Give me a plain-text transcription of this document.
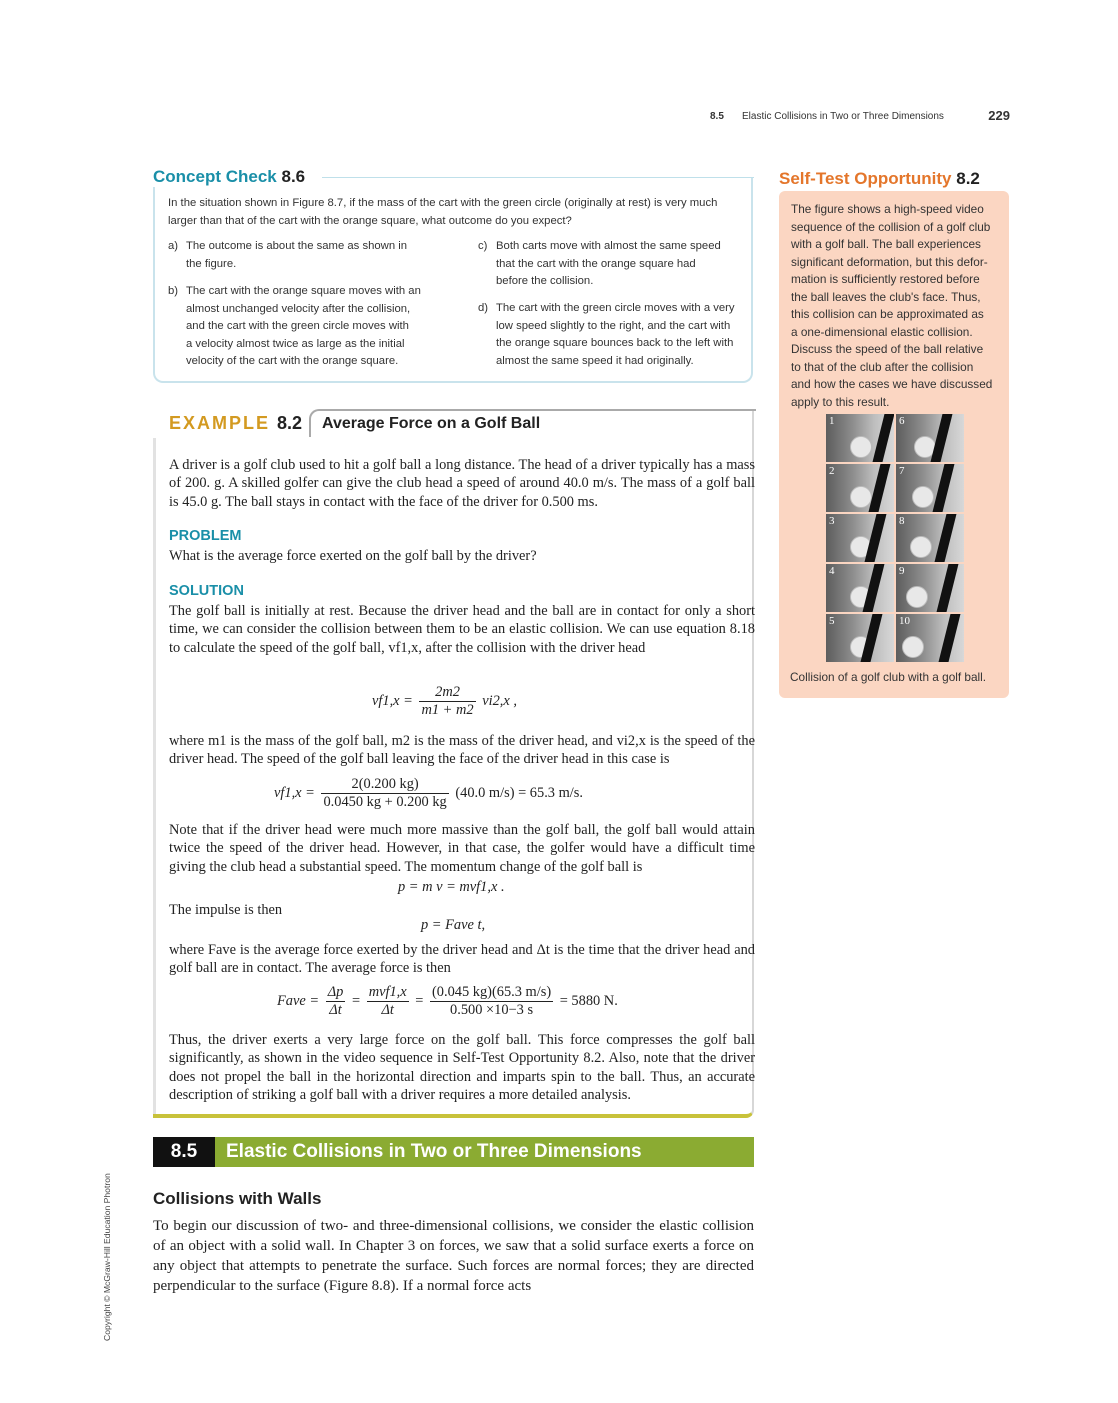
8.5 Elastic Collisions in Two or Three Dimensions	229
Concept Check 8.6
In the situation shown in Figure 8.7, if the mass of the cart with the green circle (originally at rest) is very much larger than that of the cart with the orange square, what outcome do you expect?
a) The outcome is about the same as shown in
the figure.
b) The cart with the orange square moves with an
almost unchanged velocity after the collision,
and the cart with the green circle moves with
a velocity almost twice as large as the initial
velocity of the cart with the orange square.
c) Both carts move with almost the same speed
that the cart with the orange square had
before the collision.
d) The cart with the green circle moves with a very
low speed slightly to the right, and the cart with
the orange square bounces back to the left with
almost the same speed it had originally.
Self-Test Opportunity 8.2
The figure shows a high-speed video
sequence of the collision of a golf club
with a golf ball. The ball experiences
significant deformation, but this defor-
mation is sufficiently restored before
the ball leaves the club's face. Thus,
this collision can be approximated as
a one-dimensional elastic collision.
Discuss the speed of the ball relative
to that of the club after the collision
and how the cases we have discussed
apply to this result.
1
2
3
4
5
6
7
8
9
10
Collision of a golf club with a golf ball.
EXAMPLE 8.2 Average Force on a Golf Ball
A driver is a golf club used to hit a golf ball a long distance. The head of a driver typically has a mass of 200. g. A skilled golfer can give the club head a speed of around 40.0 m/s. The mass of a golf ball is 45.0 g. The ball stays in contact with the face of the driver for 0.500 ms.
PROBLEM
What is the average force exerted on the golf ball by the driver?
SOLUTION
The golf ball is initially at rest. Because the driver head and the ball are in contact for only a short time, we can consider the collision between them to be an elastic collision. We can use equation 8.18 to calculate the speed of the golf ball, vf1,x, after the collision with the driver head
$vf1,x = \frac{2m2}{m1 + m2} vi2,x$ ,
where m1 is the mass of the golf ball, m2 is the mass of the driver head, and vi2,x is the speed of the driver head. The speed of the golf ball leaving the face of the driver head in this case is
$vf1,x = \frac{2(0.200 kg)}{0.0450 kg + 0.200 kg} (40.0$ m/s) = 65.3 m/s.
Note that if the driver head were much more massive than the golf ball, the golf ball would attain twice the speed of the driver head. However, in that case, the golfer would have a difficult time giving the club head a substantial speed. The momentum change of the golf ball is
p = m v = mvf1,x .
The impulse is then
p = Fave t,
where Fave is the average force exerted by the driver head and Δt is the time that the driver head and golf ball are in contact. The average force is then
Fave = $\frac{\Delta p}{\Delta t} = \frac{\text{mvf1,x}}{\Delta t} = \frac{(0.045 kg)(65.3 m/s)}{0.500 \times 10-3 s} = 5880$ N.
Thus, the driver exerts a very large force on the golf ball. This force compresses the golf ball significantly, as shown in the video sequence in Self-Test Opportunity 8.2. Also, note that the driver does not propel the ball in the horizontal direction and imparts spin to the ball. Thus, an accurate description of striking a golf ball with a driver requires a more detailed analysis.
8.5	Elastic Collisions in Two or Three Dimensions
Collisions with Walls
To begin our discussion of two- and three-dimensional collisions, we consider the elastic collision of an object with a solid wall. In Chapter 3 on forces, we saw that a solid surface exerts a force on any object that attempts to penetrate the surface. Such forces are normal forces; they are directed perpendicular to the surface (Figure 8.8). If a normal force acts
Copyright © McGraw-Hill Education Photron
